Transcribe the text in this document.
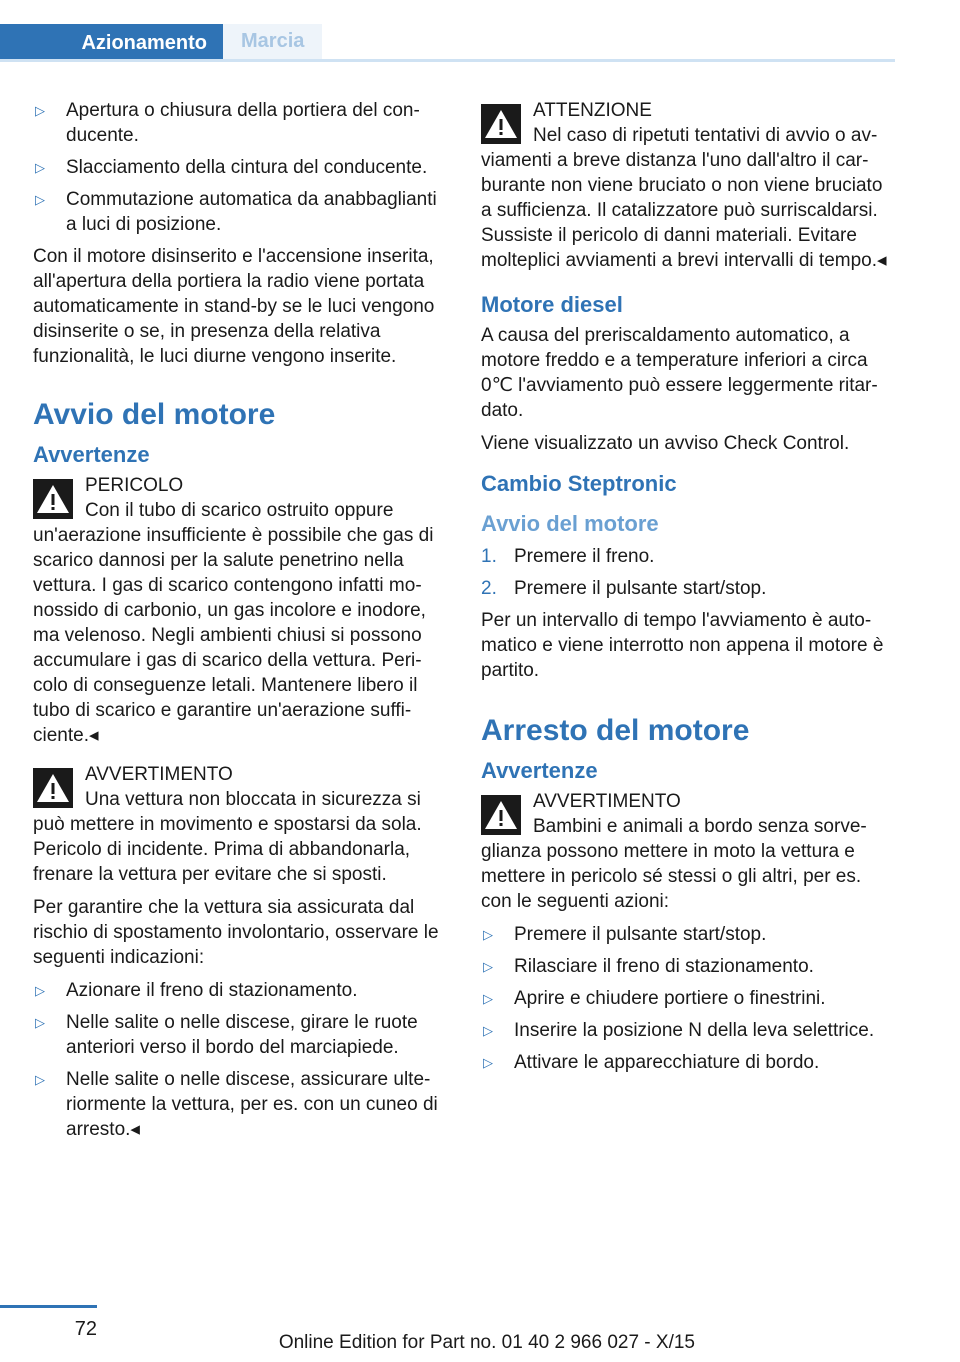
Azionamento	Marcia
▷ Apertura o chiusura della portiera del conducente.
▷ Slacciamento della cintura del conducente.
▷ Commutazione automatica da anabbaglianti a luci di posizione.

Con il motore disinserito e l'accensione inserita, all'apertura della portiera la radio viene portata automaticamente in stand-by se le luci vengono disinserite o se, in presenza della relativa funzionalità, le luci diurne vengono inserite.

Avvio del motore
Avvertenze
PERICOLO
Con il tubo di scarico ostruito oppure un'aerazione insufficiente è possibile che gas di scarico dannosi per la salute penetrino nella vettura. I gas di scarico contengono infatti monossido di carbonio, un gas incolore e inodore, ma velenoso. Negli ambienti chiusi si possono accumulare i gas di scarico della vettura. Pericolo di conseguenze letali. Mantenere libero il tubo di scarico e garantire un'aerazione sufficiente.◂
AVVERTIMENTO
Una vettura non bloccata in sicurezza si può mettere in movimento e spostarsi da sola. Pericolo di incidente. Prima di abbandonarla, frenare la vettura per evitare che si sposti.

Per garantire che la vettura sia assicurata dal rischio di spostamento involontario, osservare le seguenti indicazioni:

▷ Azionare il freno di stazionamento.
▷ Nelle salite o nelle discese, girare le ruote anteriori verso il bordo del marciapiede.
▷ Nelle salite o nelle discese, assicurare ulteriormente la vettura, per es. con un cuneo di arresto.◂
ATTENZIONE
Nel caso di ripetuti tentativi di avvio o avviamenti a breve distanza l'uno dall'altro il carburante non viene bruciato o non viene bruciato a sufficienza. Il catalizzatore può surriscaldarsi. Sussiste il pericolo di danni materiali. Evitare molteplici avviamenti a brevi intervalli di tempo.◂
Motore diesel

A causa del preriscaldamento automatico, a motore freddo e a temperature inferiori a circa 0℃ l'avviamento può essere leggermente ritardato.

Viene visualizzato un avviso Check Control.

Cambio Steptronic
Avvio del motore
1. Premere il freno.
2. Premere il pulsante start/stop.

Per un intervallo di tempo l'avviamento è automatico e viene interrotto non appena il motore è partito.

Arresto del motore
Avvertenze
AVVERTIMENTO
Bambini e animali a bordo senza sorveglianza possono mettere in moto la vettura e mettere in pericolo sé stessi o gli altri, per es. con le seguenti azioni:
▷ Premere il pulsante start/stop.
▷ Rilasciare il freno di stazionamento.
▷ Aprire e chiudere portiere o finestrini.
▷ Inserire la posizione N della leva selettrice.
▷ Attivare le apparecchiature di bordo.
72
Online Edition for Part no. 01 40 2 966 027 - X/15
